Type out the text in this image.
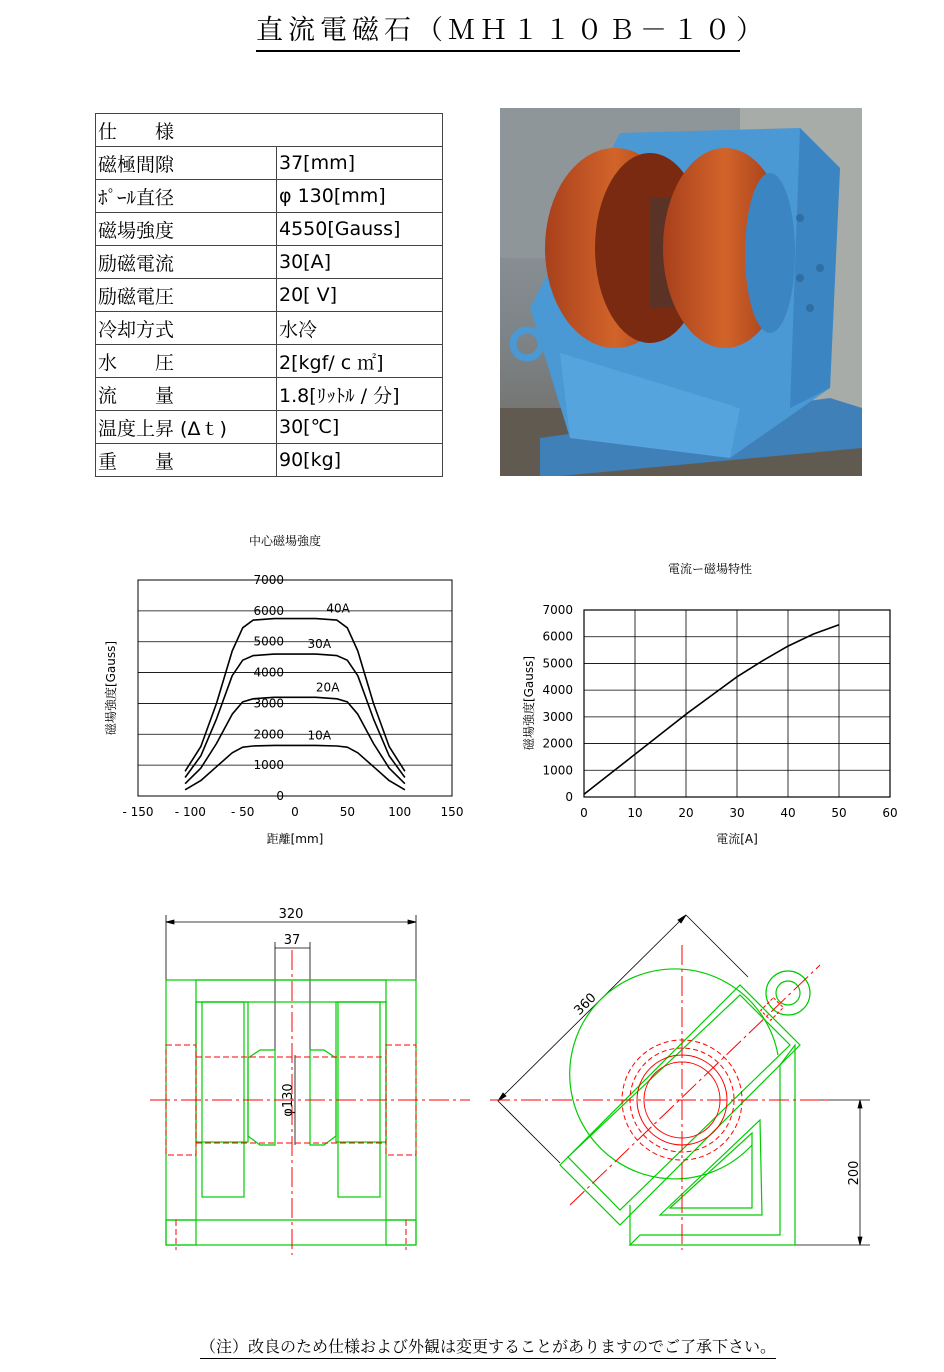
直流電磁石（ＭＨ１１０Ｂ－１０）
仕　　様	
磁極間隙	37[mm]
ﾎﾟｰﾙ直径	φ 130[mm]
磁場強度	4550[Gauss]
励磁電流	30[A]
励磁電圧	20[ V]
冷却方式	水冷
水　　圧	2[kgf/ c ㎡]
流　　量	1.8[ﾘｯﾄﾙ / 分]
温度上昇 (Δｔ)	30[℃]
重　　量	90[kg]
中心磁場強度
0
1000
2000
3000
4000
5000
6000
7000
- 150 - 100 - 50	0	50	100 150
40A
30A
20A
10A
距離[mm]
磁場強度[Gauss]
電流ー磁場特性
0
1000
2000
3000
4000
5000
6000
7000
0	10	20	30	40	50	60
電流[A]
磁場強度[Gauss]
320
37
φ130
360
200
（注）改良のため仕様および外観は変更することがありますのでご了承下さい。
